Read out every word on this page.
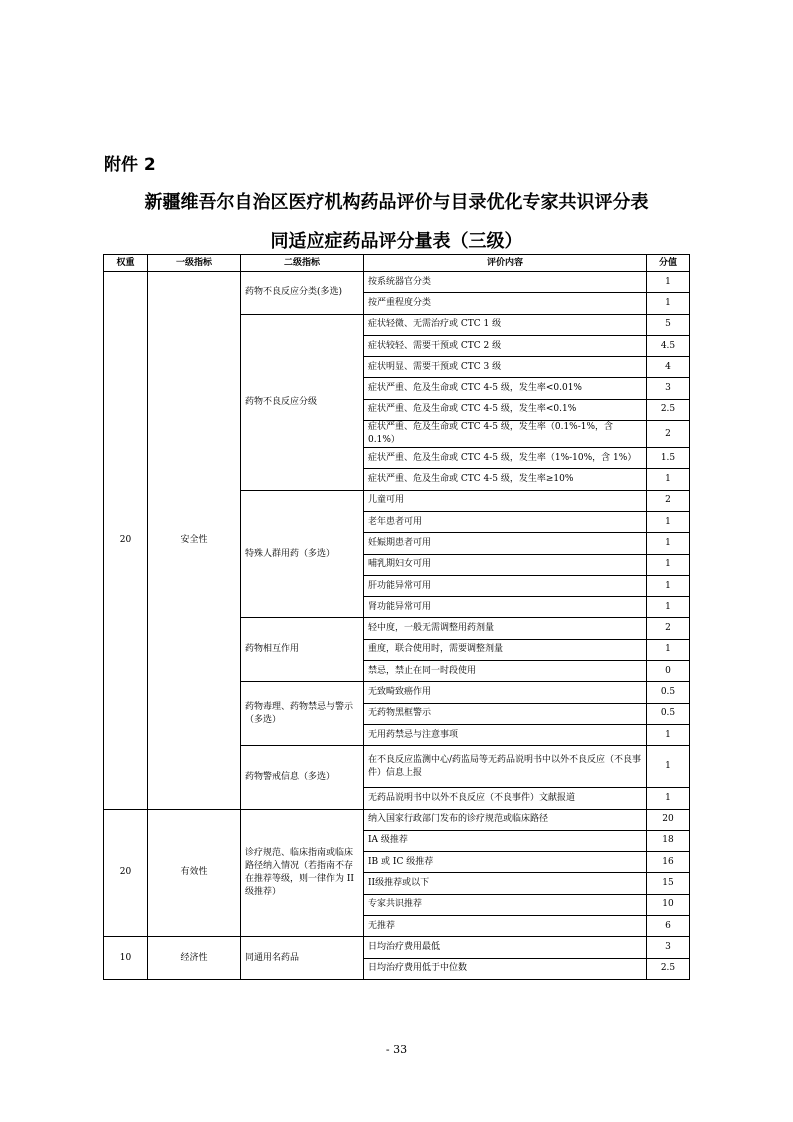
附件 2
新疆维吾尔自治区医疗机构药品评价与目录优化专家共识评分表
同适应症药品评分量表（三级）
权重	一级指标	二级指标	评价内容	分值
20	安全性	药物不良反应分类(多选)	按系统器官分类	1
			按严重程度分类	1
		药物不良反应分级	症状轻微、无需治疗或 CTC 1 级	5
			症状较轻、需要干预或 CTC 2 级	4.5
			症状明显、需要干预或 CTC 3 级	4
			症状严重、危及生命或 CTC 4-5 级，发生率<0.01%	3
			症状严重、危及生命或 CTC 4-5 级，发生率<0.1%	2.5
			症状严重、危及生命或 CTC 4-5 级，发生率（0.1%-1%，含 0.1%）	2
			症状严重、危及生命或 CTC 4-5 级，发生率（1%-10%，含 1%）	1.5
			症状严重、危及生命或 CTC 4-5 级，发生率≥10%	1
		特殊人群用药（多选）	儿童可用	2
			老年患者可用	1
			妊娠期患者可用	1
			哺乳期妇女可用	1
			肝功能异常可用	1
			肾功能异常可用	1
		药物相互作用	轻中度，一般无需调整用药剂量	2
			重度，联合使用时，需要调整剂量	1
			禁忌，禁止在同一时段使用	0
		药物毒理、药物禁忌与警示（多选）	无致畸致癌作用	0.5
			无药物黑框警示	0.5
			无用药禁忌与注意事项	1
		药物警戒信息（多选）	在不良反应监测中心/药监局等无药品说明书中以外不良反应（不良事件）信息上报	1
			无药品说明书中以外不良反应（不良事件）文献报道	1
20	有效性	诊疗规范、临床指南或临床路径纳入情况（若指南不存在推荐等级，则一律作为 II 级推荐）	纳入国家行政部门发布的诊疗规范或临床路径	20
			IA 级推荐	18
			IB 或 IC 级推荐	16
			II级推荐或以下	15
			专家共识推荐	10
			无推荐	6
10	经济性	同通用名药品	日均治疗费用最低	3
			日均治疗费用低于中位数	2.5
- 33
